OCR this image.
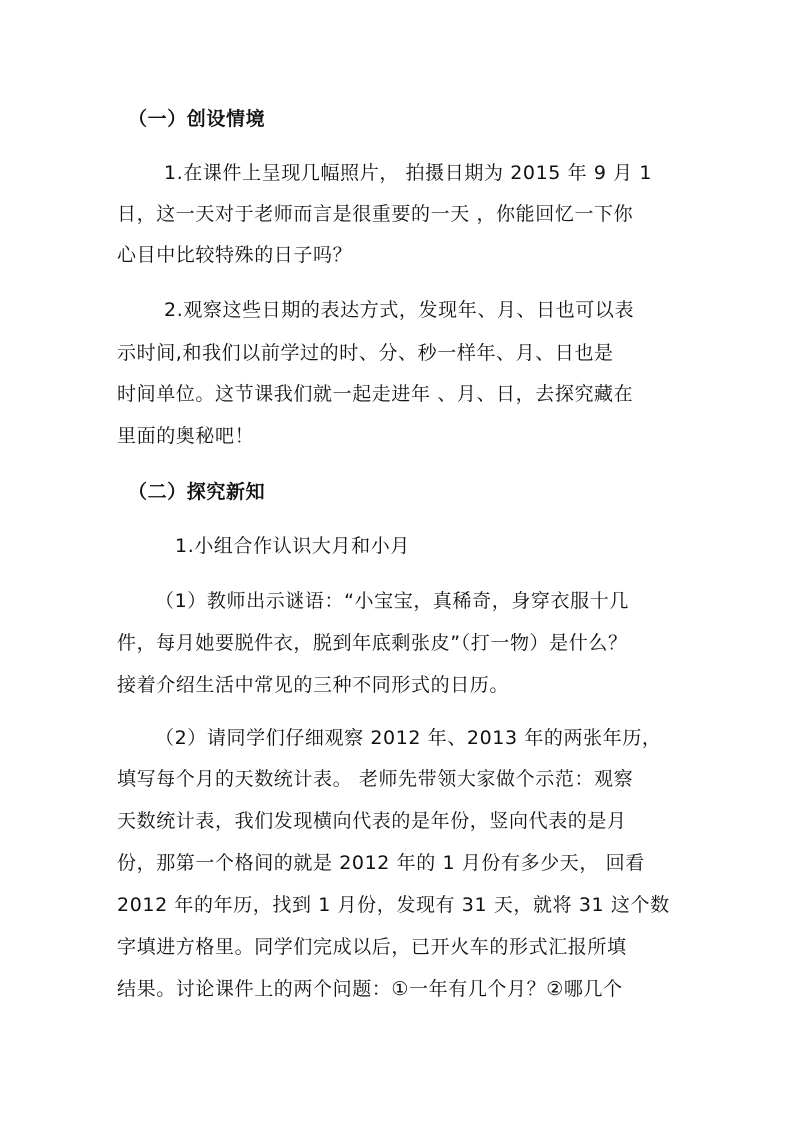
（一）创设情境
1.在课件上呈现几幅照片， 拍摄日期为 2015 年 9 月 1
日，这一天对于老师而言是很重要的一天 ，你能回忆一下你
心目中比较特殊的日子吗？
2.观察这些日期的表达方式，发现年、月、日也可以表
示时间,和我们以前学过的时、分、秒一样年、月、日也是
时间单位。这节课我们就一起走进年 、月、日，去探究藏在
里面的奥秘吧！
（二）探究新知
1.小组合作认识大月和小月
（1）教师出示谜语：“小宝宝，真稀奇，身穿衣服十几
件，每月她要脱件衣，脱到年底剩张皮”（打一物）是什么？
接着介绍生活中常见的三种不同形式的日历。
（2）请同学们仔细观察 2012 年、2013 年的两张年历，
填写每个月的天数统计表。 老师先带领大家做个示范：观察
天数统计表，我们发现横向代表的是年份，竖向代表的是月
份，那第一个格间的就是 2012 年的 1 月份有多少天， 回看
2012 年的年历，找到 1 月份，发现有 31 天，就将 31 这个数
字填进方格里。同学们完成以后，已开火车的形式汇报所填
结果。讨论课件上的两个问题：①一年有几个月？②哪几个
